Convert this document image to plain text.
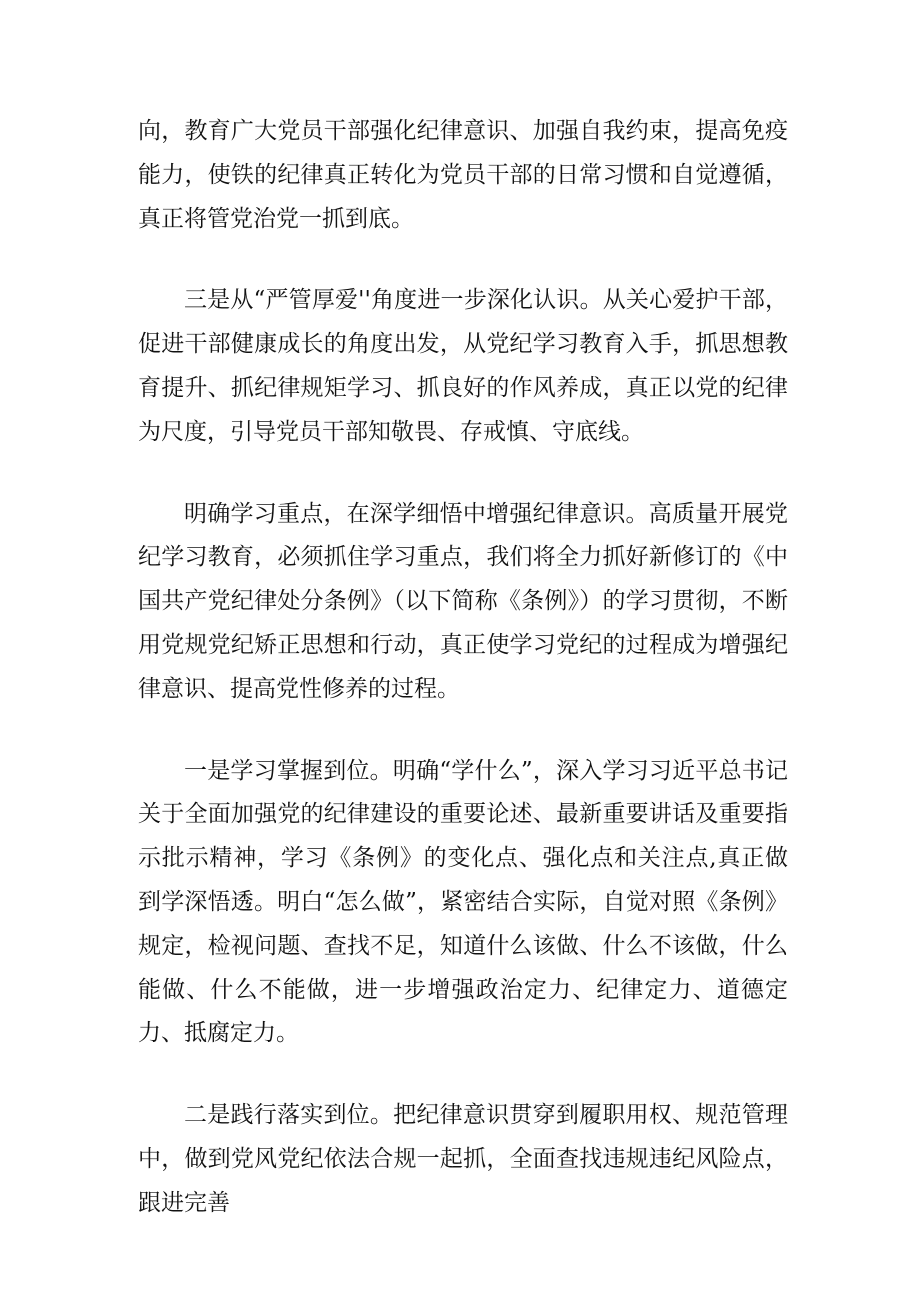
向，教育广大党员干部强化纪律意识、加强自我约束，提高免疫能力，使铁的纪律真正转化为党员干部的日常习惯和自觉遵循，真正将管党治党一抓到底。

三是从“严管厚爱''角度进一步深化认识。从关心爱护干部，促进干部健康成长的角度出发，从党纪学习教育入手，抓思想教育提升、抓纪律规矩学习、抓良好的作风养成，真正以党的纪律为尺度，引导党员干部知敬畏、存戒慎、守底线。

明确学习重点，在深学细悟中增强纪律意识。高质量开展党纪学习教育，必须抓住学习重点，我们将全力抓好新修订的《中国共产党纪律处分条例》（以下简称《条例》）的学习贯彻，不断用党规党纪矫正思想和行动，真正使学习党纪的过程成为增强纪律意识、提高党性修养的过程。

一是学习掌握到位。明确“学什么”，深入学习习近平总书记关于全面加强党的纪律建设的重要论述、最新重要讲话及重要指示批示精神，学习《条例》的变化点、强化点和关注点,真正做到学深悟透。明白“怎么做”，紧密结合实际，自觉对照《条例》规定，检视问题、查找不足，知道什么该做、什么不该做，什么能做、什么不能做，进一步增强政治定力、纪律定力、道德定力、抵腐定力。

二是践行落实到位。把纪律意识贯穿到履职用权、规范管理中，做到党风党纪依法合规一起抓，全面查找违规违纪风险点，跟进完善
